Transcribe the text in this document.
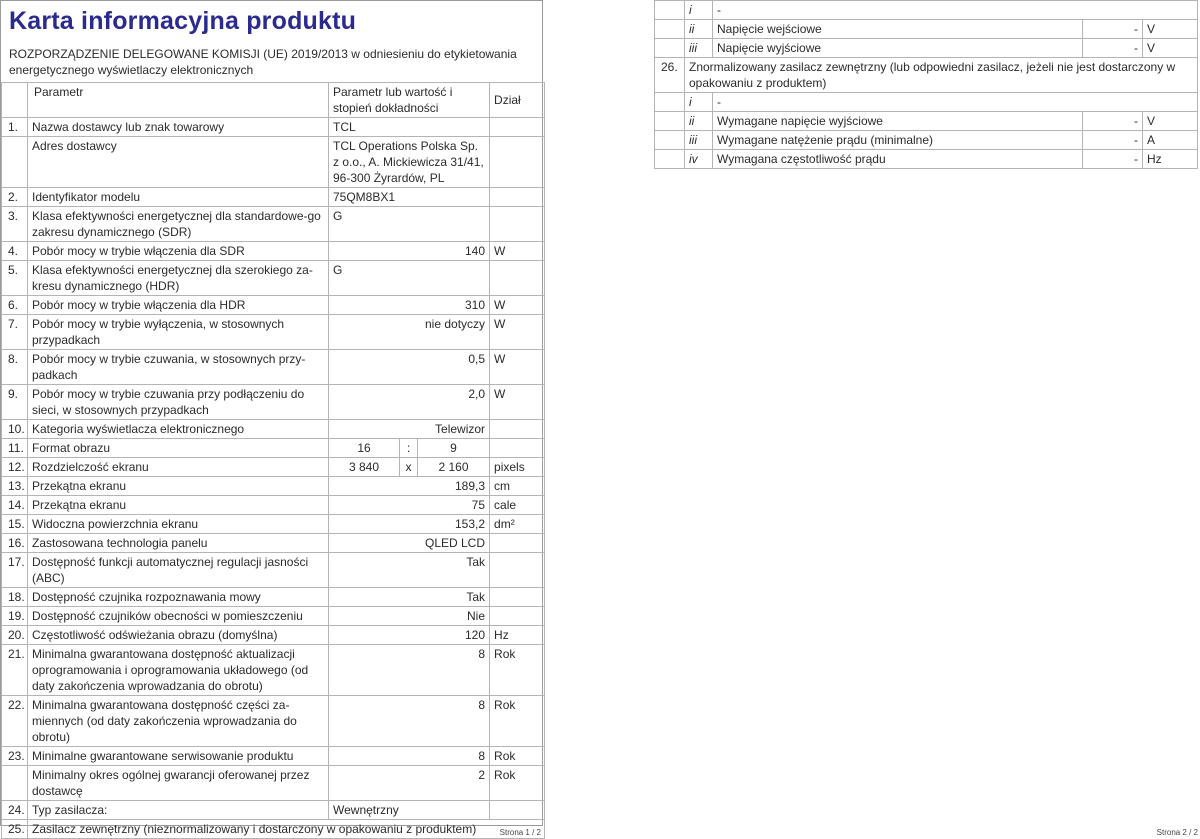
Karta informacyjna produktu
ROZPORZĄDZENIE DELEGOWANE KOMISJI (UE) 2019/2013 w odniesieniu do etykietowania energetycznego wyświetlaczy elektronicznych
	Parametr	Parametr lub wartość i stopień dokładności			Dział
1.	Nazwa dostawcy lub znak towarowy	TCL			
	Adres dostawcy	TCL Operations Polska Sp. z o.o., A. Mickiewicza 31/41, 96-300 Żyrardów, PL			
2.	Identyfikator modelu	75QM8BX1			
3.	Klasa efektywności energetycznej dla standardowe-go zakresu dynamicznego (SDR)	G			
4.	Pobór mocy w trybie włączenia dla SDR	140			W
5.	Klasa efektywności energetycznej dla szerokiego za-kresu dynamicznego (HDR)	G			
6.	Pobór mocy w trybie włączenia dla HDR	310			W
7.	Pobór mocy w trybie wyłączenia, w stosownych przypadkach	nie dotyczy			W
8.	Pobór mocy w trybie czuwania, w stosownych przy-padkach	0,5			W
9.	Pobór mocy w trybie czuwania przy podłączeniu do sieci, w stosownych przypadkach	2,0			W
10.	Kategoria wyświetlacza elektronicznego	Telewizor			
11.	Format obrazu	16	:	9	
12.	Rozdzielczość ekranu	3 840	x	2 160	pixels
13.	Przekątna ekranu	189,3			cm
14.	Przekątna ekranu	75			cale
15.	Widoczna powierzchnia ekranu	153,2			dm²
16.	Zastosowana technologia panelu	QLED LCD			
17.	Dostępność funkcji automatycznej regulacji jasności (ABC)	Tak			
18.	Dostępność czujnika rozpoznawania mowy	Tak			
19.	Dostępność czujników obecności w pomieszczeniu	Nie			
20.	Częstotliwość odświeżania obrazu (domyślna)	120			Hz
21.	Minimalna gwarantowana dostępność aktualizacji oprogramowania i oprogramowania układowego (od daty zakończenia wprowadzania do obrotu)	8			Rok
22.	Minimalna gwarantowana dostępność części za-miennych (od daty zakończenia wprowadzania do obrotu)	8			Rok
23.	Minimalne gwarantowane serwisowanie produktu	8			Rok
	Minimalny okres ogólnej gwarancji oferowanej przez dostawcę	2			Rok
24.	Typ zasilacza:	Wewnętrzny			
25.	Zasilacz zewnętrzny (nieznormalizowany i dostarczony w opakowaniu z produktem)					Strona 1 / 2
	i	-		
	ii	Napięcie wejściowe	-	V
	iii	Napięcie wyjściowe	-	V
26.	Znormalizowany zasilacz zewnętrzny (lub odpowiedni zasilacz, jeżeli nie jest dostarczony w opakowaniu z produktem)			
	i	-		
	ii	Wymagane napięcie wyjściowe	-	V
	iii	Wymagane natężenie prądu (minimalne)	-	A
	iv	Wymagana częstotliwość prądu	-	Hz
Strona 2 / 2
